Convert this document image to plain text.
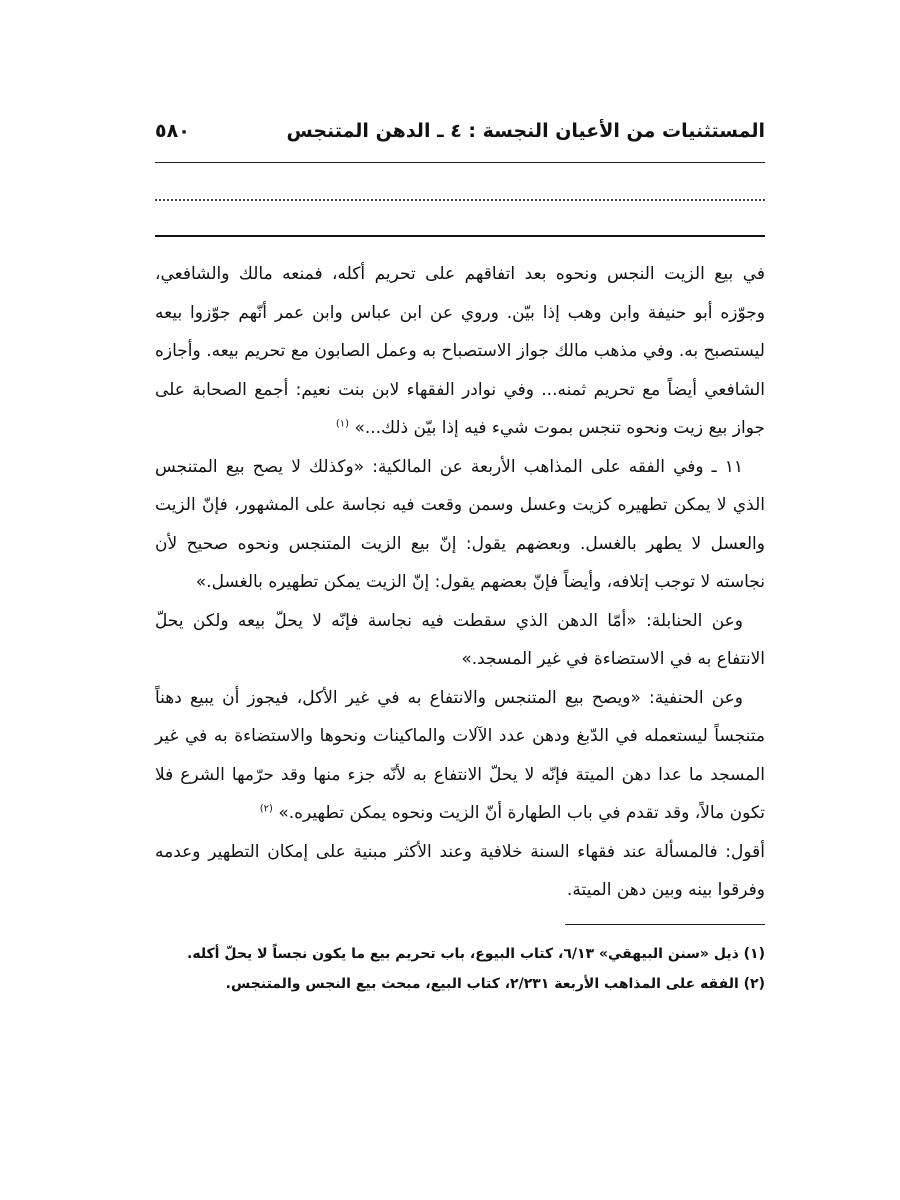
المستثنيات من الأعيان النجسة : ٤ ـ الدهن المتنجس
٥٨٠

في بيع الزيت النجس ونحوه بعد اتفاقهم على تحريم أكله، فمنعه مالك والشافعي، وجوّزه أبو حنيفة وابن وهب إذا بيّن. وروي عن ابن عباس وابن عمر أنّهم جوّزوا بيعه ليستصبح به. وفي مذهب مالك جواز الاستصباح به وعمل الصابون مع تحريم بيعه. وأجازه الشافعي أيضاً مع تحريم ثمنه... وفي نوادر الفقهاء لابن بنت نعيم: أجمع الصحابة على جواز بيع زيت ونحوه تنجس بموت شيء فيه إذا بيّن ذلك...» $^{(١)}$

١١ ـ وفي الفقه على المذاهب الأربعة عن المالكية: «وكذلك لا يصح بيع المتنجس الذي لا يمكن تطهيره كزيت وعسل وسمن وقعت فيه نجاسة على المشهور، فإنّ الزيت والعسل لا يطهر بالغسل. وبعضهم يقول: إنّ بيع الزيت المتنجس ونحوه صحيح لأن نجاسته لا توجب إتلافه، وأيضاً فإنّ بعضهم يقول: إنّ الزيت يمكن تطهيره بالغسل.»

وعن الحنابلة: «أمّا الدهن الذي سقطت فيه نجاسة فإنّه لا يحلّ بيعه ولكن يحلّ الانتفاع به في الاستضاءة في غير المسجد.»

وعن الحنفية: «ويصح بيع المتنجس والانتفاع به في غير الأكل، فيجوز أن يبيع دهناً متنجساً ليستعمله في الدّبغ ودهن عدد الآلات والماكينات ونحوها والاستضاءة به في غير المسجد ما عدا دهن الميتة فإنّه لا يحلّ الانتفاع به لأنّه جزء منها وقد حرّمها الشرع فلا تكون مالاً، وقد تقدم في باب الطهارة أنّ الزيت ونحوه يمكن تطهيره.» $^{(٢)}$

أقول: فالمسألة عند فقهاء السنة خلافية وعند الأكثر مبنية على إمكان التطهير وعدمه وفرقوا بينه وبين دهن الميتة.

(١) ذيل «سنن البيهقي» ٦/١٣، كتاب البيوع، باب تحريم بيع ما يكون نجساً لا يحلّ أكله.

(٢) الفقه على المذاهب الأربعة ٢/٢٣١، كتاب البيع، مبحث بيع النجس والمتنجس.
